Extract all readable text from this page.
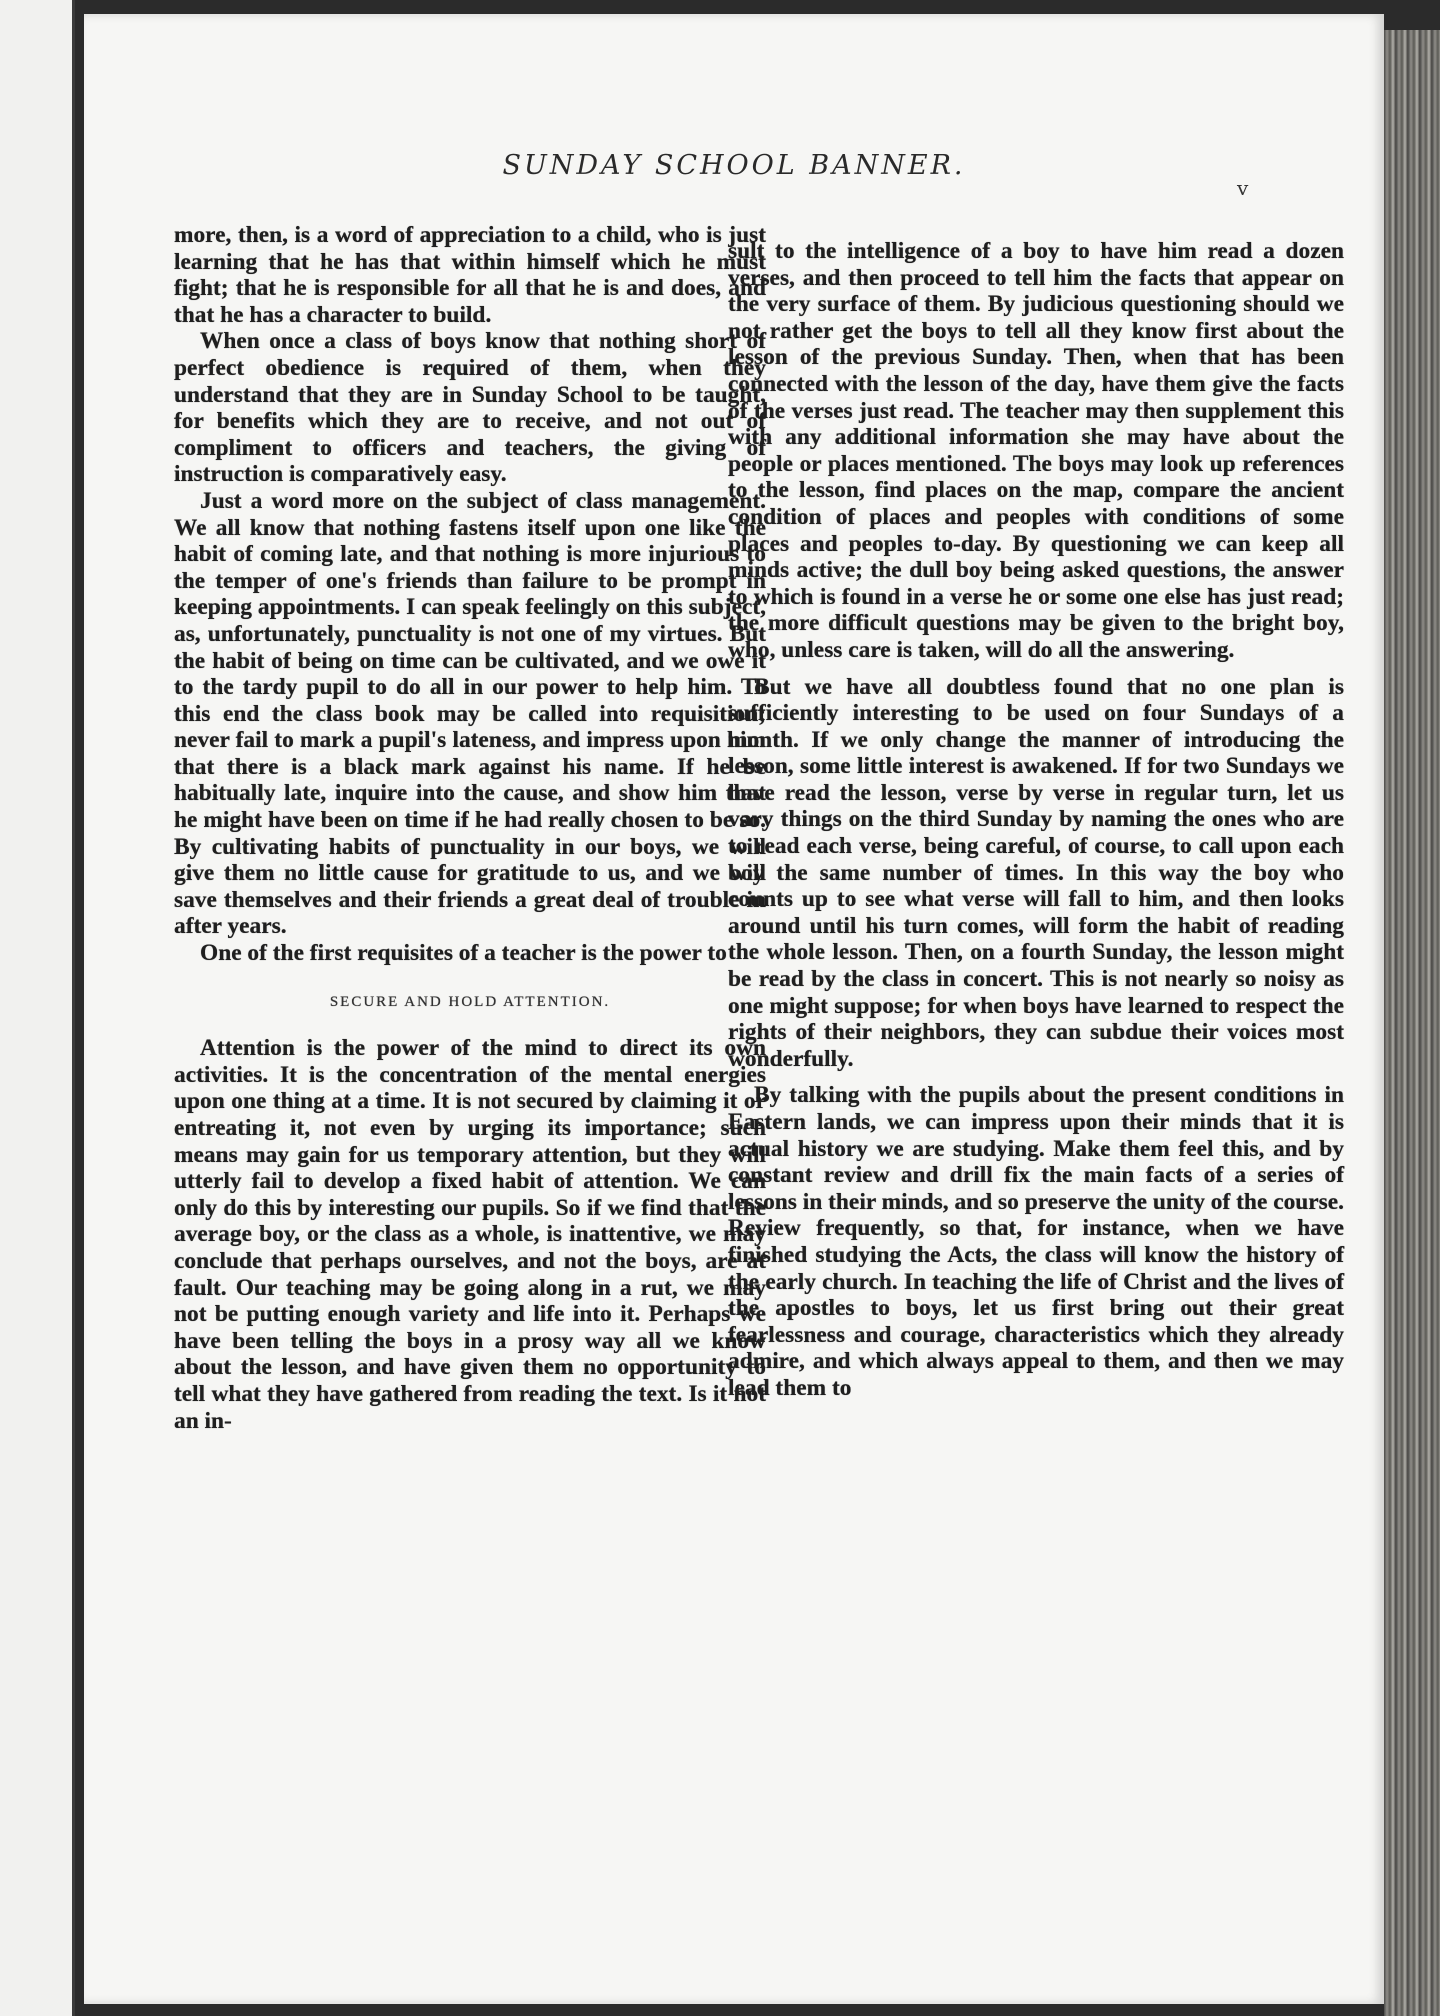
SUNDAY SCHOOL BANNER.
v

more, then, is a word of appreciation to a child, who is just learning that he has that within himself which he must fight; that he is responsible for all that he is and does, and that he has a character to build.

When once a class of boys know that nothing short of perfect obedience is required of them, when they understand that they are in Sunday School to be taught, for benefits which they are to receive, and not out of compliment to officers and teachers, the giving of instruction is comparatively easy.

Just a word more on the subject of class management. We all know that nothing fastens itself upon one like the habit of coming late, and that nothing is more injurious to the temper of one's friends than failure to be prompt in keeping appointments. I can speak feelingly on this subject, as, unfortunately, punctuality is not one of my virtues. But the habit of being on time can be cultivated, and we owe it to the tardy pupil to do all in our power to help him. To this end the class book may be called into requisition; never fail to mark a pupil's lateness, and impress upon him that there is a black mark against his name. If he be habitually late, inquire into the cause, and show him that he might have been on time if he had really chosen to be so. By cultivating habits of punctuality in our boys, we will give them no little cause for gratitude to us, and we will save themselves and their friends a great deal of trouble in after years.

One of the first requisites of a teacher is the power to

SECURE AND HOLD ATTENTION.

Attention is the power of the mind to direct its own activities. It is the concentration of the mental energies upon one thing at a time. It is not secured by claiming it or entreating it, not even by urging its importance; such means may gain for us temporary attention, but they will utterly fail to develop a fixed habit of attention. We can only do this by interesting our pupils. So if we find that the average boy, or the class as a whole, is inattentive, we may conclude that perhaps ourselves, and not the boys, are at fault. Our teaching may be going along in a rut, we may not be putting enough variety and life into it. Perhaps we have been telling the boys in a prosy way all we know about the lesson, and have given them no opportunity to tell what they have gathered from reading the text. Is it not an in-

sult to the intelligence of a boy to have him read a dozen verses, and then proceed to tell him the facts that appear on the very surface of them. By judicious questioning should we not rather get the boys to tell all they know first about the lesson of the previous Sunday. Then, when that has been connected with the lesson of the day, have them give the facts of the verses just read. The teacher may then supplement this with any additional information she may have about the people or places mentioned. The boys may look up references to the lesson, find places on the map, compare the ancient condition of places and peoples with conditions of some places and peoples to-day. By questioning we can keep all minds active; the dull boy being asked questions, the answer to which is found in a verse he or some one else has just read; the more difficult questions may be given to the bright boy, who, unless care is taken, will do all the answering.

But we have all doubtless found that no one plan is sufficiently interesting to be used on four Sundays of a month. If we only change the manner of introducing the lesson, some little interest is awakened. If for two Sundays we have read the lesson, verse by verse in regular turn, let us vary things on the third Sunday by naming the ones who are to read each verse, being careful, of course, to call upon each boy the same number of times. In this way the boy who counts up to see what verse will fall to him, and then looks around until his turn comes, will form the habit of reading the whole lesson. Then, on a fourth Sunday, the lesson might be read by the class in concert. This is not nearly so noisy as one might suppose; for when boys have learned to respect the rights of their neighbors, they can subdue their voices most wonderfully.

By talking with the pupils about the present conditions in Eastern lands, we can impress upon their minds that it is actual history we are studying. Make them feel this, and by constant review and drill fix the main facts of a series of lessons in their minds, and so preserve the unity of the course. Review frequently, so that, for instance, when we have finished studying the Acts, the class will know the history of the early church. In teaching the life of Christ and the lives of the apostles to boys, let us first bring out their great fearlessness and courage, characteristics which they already admire, and which always appeal to them, and then we may lead them to
